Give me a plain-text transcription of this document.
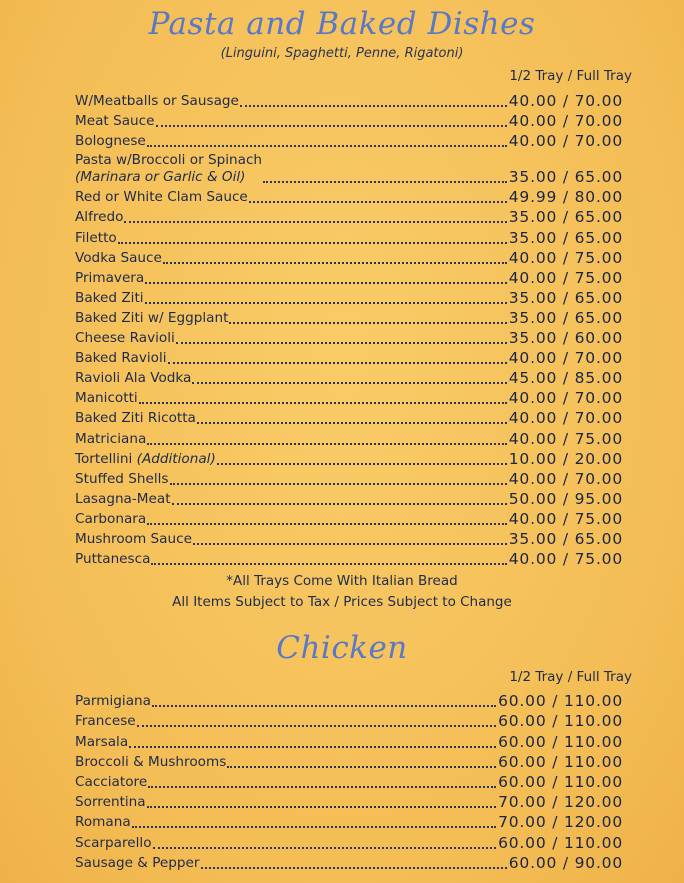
Pasta and Baked Dishes
(Linguini, Spaghetti, Penne, Rigatoni)
1/2 Tray / Full Tray
W/Meatballs or Sausage	40.00 / 70.00
Meat Sauce	40.00 / 70.00
Bolognese	40.00 / 70.00
Pasta w/Broccoli or Spinach
(Marinara or Garlic & Oil)	35.00 / 65.00
Red or White Clam Sauce	49.99 / 80.00
Alfredo	35.00 / 65.00
Filetto	35.00 / 65.00
Vodka Sauce	40.00 / 75.00
Primavera	40.00 / 75.00
Baked Ziti	35.00 / 65.00
Baked Ziti w/ Eggplant	35.00 / 65.00
Cheese Ravioli	35.00 / 60.00
Baked Ravioli	40.00 / 70.00
Ravioli Ala Vodka	45.00 / 85.00
Manicotti	40.00 / 70.00
Baked Ziti Ricotta	40.00 / 70.00
Matriciana	40.00 / 75.00
Tortellini (Additional)	10.00 / 20.00
Stuffed Shells	40.00 / 70.00
Lasagna-Meat	50.00 / 95.00
Carbonara	40.00 / 75.00
Mushroom Sauce	35.00 / 65.00
Puttanesca	40.00 / 75.00
*All Trays Come With Italian Bread
All Items Subject to Tax / Prices Subject to Change
Chicken
1/2 Tray / Full Tray
Parmigiana	60.00 / 110.00
Francese	60.00 / 110.00
Marsala	60.00 / 110.00
Broccoli & Mushrooms	60.00 / 110.00
Cacciatore	60.00 / 110.00
Sorrentina	70.00 / 120.00
Romana	70.00 / 120.00
Scarparello	60.00 / 110.00
Sausage & Pepper	60.00 / 90.00
